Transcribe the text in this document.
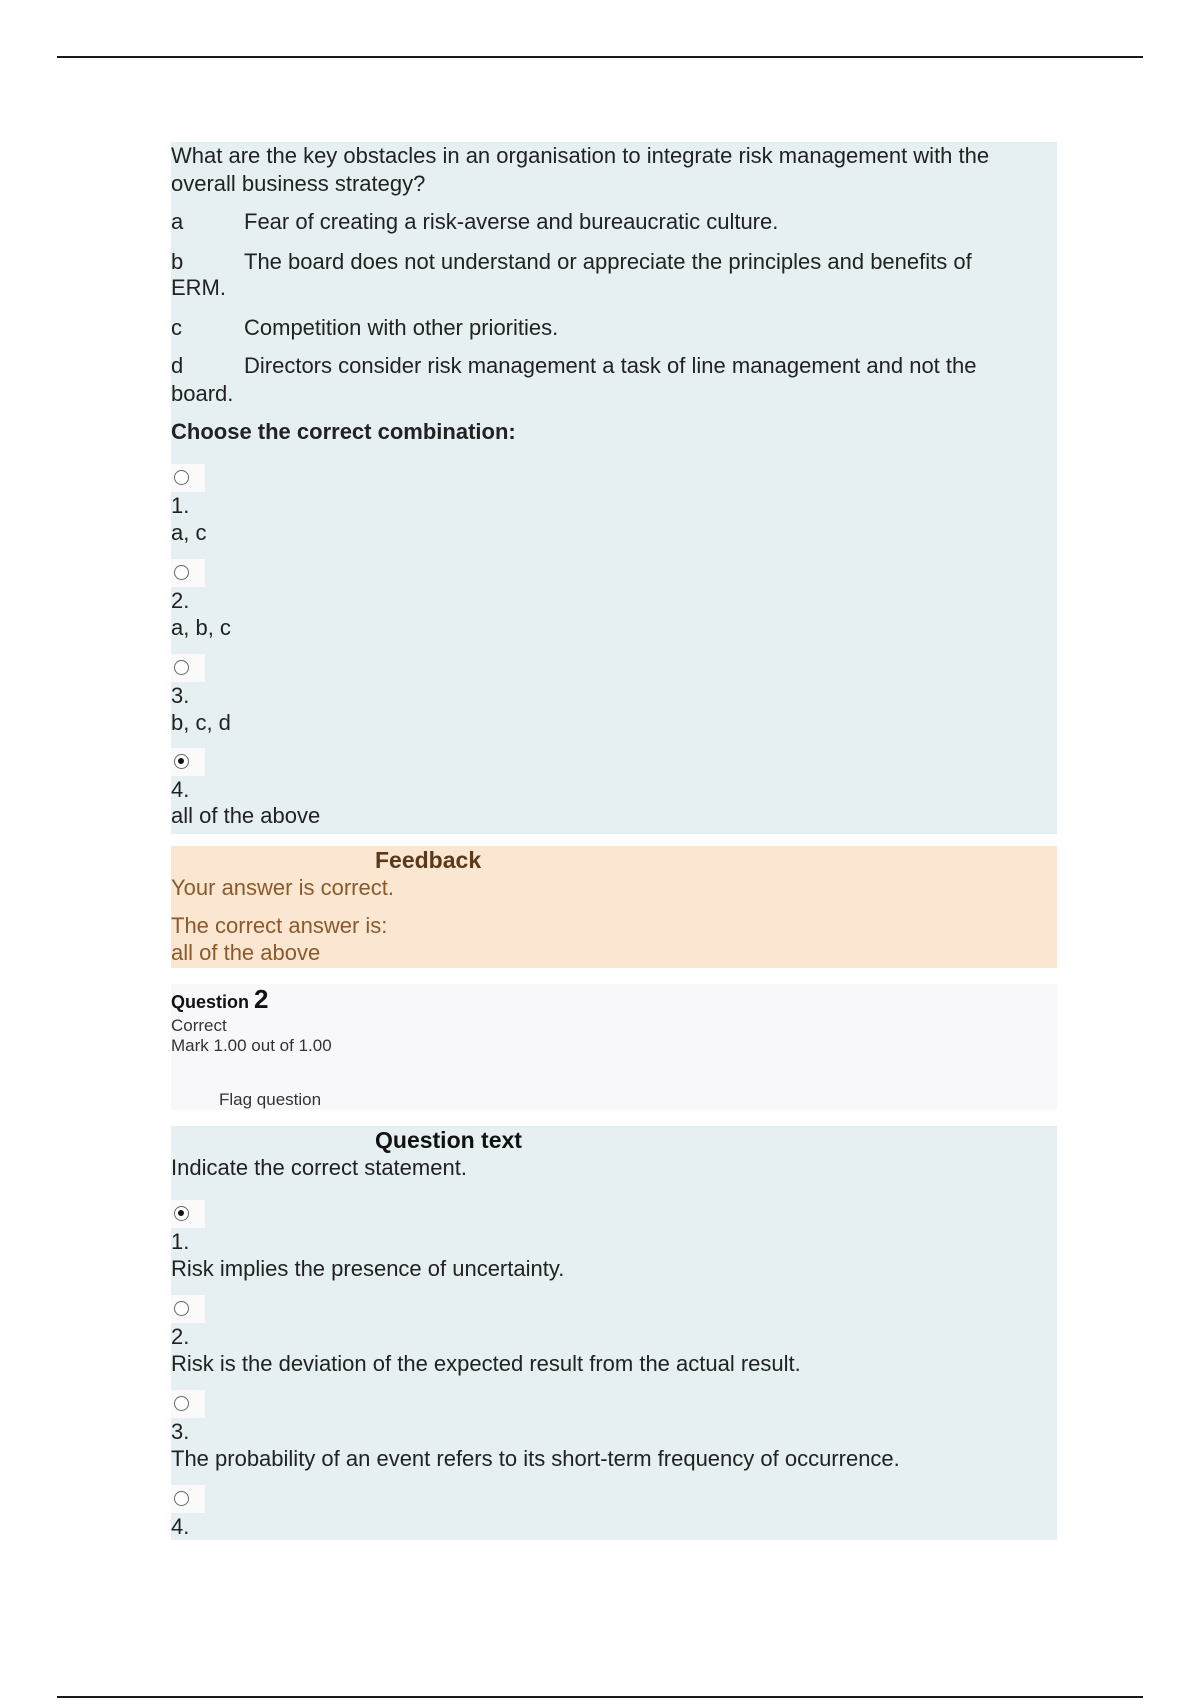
What are the key obstacles in an organisation to integrate risk management with the
overall business strategy?
a	Fear of creating a risk-averse and bureaucratic culture.
b	The board does not understand or appreciate the principles and benefits of
ERM.
c	Competition with other priorities.
d	Directors consider risk management a task of line management and not the
board.
Choose the correct combination:
1.
a, c
2.
a, b, c
3.
b, c, d
4.
all of the above
Feedback
Your answer is correct.
The correct answer is:
all of the above
Question 2
Correct
Mark 1.00 out of 1.00
Flag question
Question text
Indicate the correct statement.
1.
Risk implies the presence of uncertainty.
2.
Risk is the deviation of the expected result from the actual result.
3.
The probability of an event refers to its short-term frequency of occurrence.
4.
